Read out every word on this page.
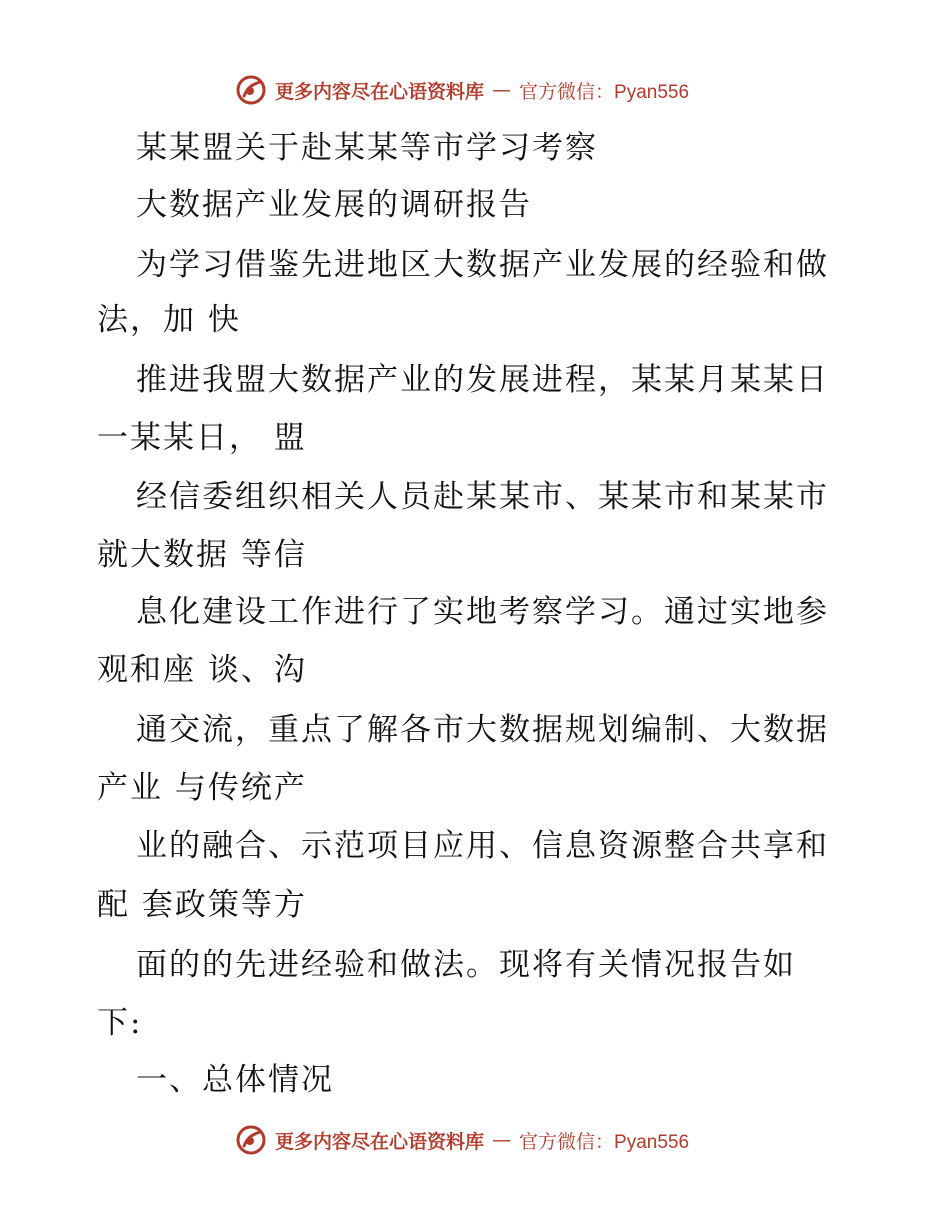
更多内容尽在心语资料库 — 官方微信：Pyan556
某某盟关于赴某某等市学习考察
大数据产业发展的调研报告
为学习借鉴先进地区大数据产业发展的经验和做
法，加 快
推进我盟大数据产业的发展进程，某某月某某日
一某某日， 盟
经信委组织相关人员赴某某市、某某市和某某市
就大数据 等信
息化建设工作进行了实地考察学习。通过实地参
观和座 谈、沟
通交流，重点了解各市大数据规划编制、大数据
产业 与传统产
业的融合、示范项目应用、信息资源整合共享和
配 套政策等方
面的的先进经验和做法。现将有关情况报告如
下:
一、总体情况
更多内容尽在心语资料库 — 官方微信：Pyan556
